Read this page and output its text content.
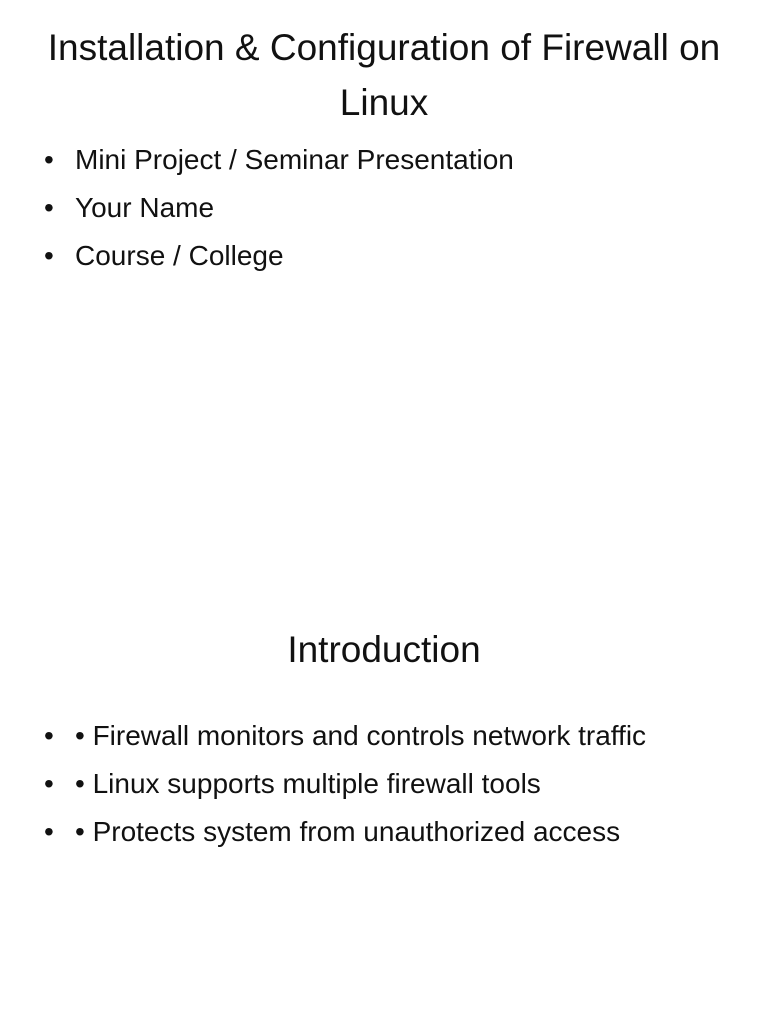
Installation & Configuration of Firewall on Linux
• Mini Project / Seminar Presentation
• Your Name
• Course / College
Introduction
• • Firewall monitors and controls network traffic
• • Linux supports multiple firewall tools
• • Protects system from unauthorized access
